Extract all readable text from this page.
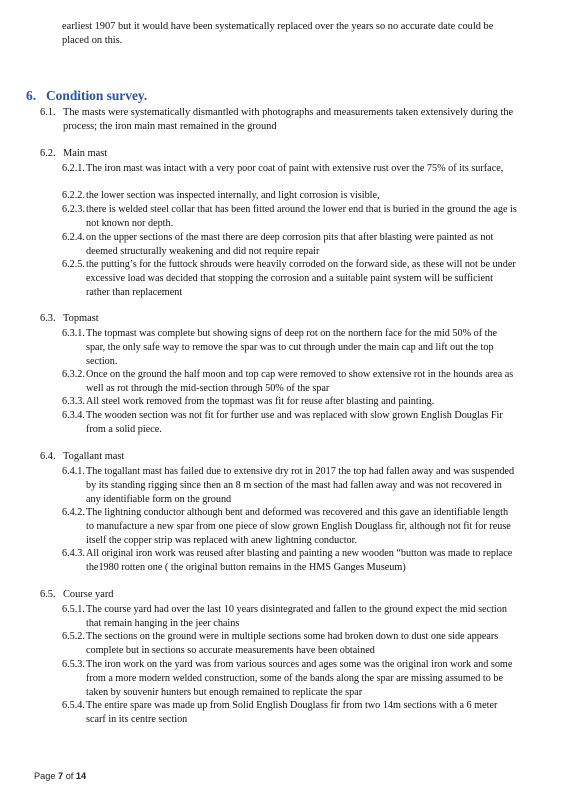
earliest 1907 but it would have been systematically replaced over the years so no accurate date could be placed on this.
6. Condition survey.
6.1. The masts were systematically dismantled with photographs and measurements taken extensively during the process; the iron main mast remained in the ground
6.2. Main mast
6.2.1. The iron mast was intact with a very poor coat of paint with extensive rust over the 75% of its surface,
6.2.2. the lower section was inspected internally, and light corrosion is visible,
6.2.3. there is welded steel collar that has been fitted around the lower end that is buried in the ground the age is not known nor depth.
6.2.4. on the upper sections of the mast there are deep corrosion pits that after blasting were painted as not deemed structurally weakening and did not require repair
6.2.5. the putting’s for the futtock shrouds were heavily corroded on the forward side, as these will not be under excessive load was decided that stopping the corrosion and a suitable paint system will be sufficient rather than replacement
6.3. Topmast
6.3.1. The topmast was complete but showing signs of deep rot on the northern face for the mid 50% of the spar, the only safe way to remove the spar was to cut through under the main cap and lift out the top section.
6.3.2. Once on the ground the half moon and top cap were removed to show extensive rot in the hounds area as well as rot through the mid-section through 50% of the spar
6.3.3. All steel work removed from the topmast was fit for reuse after blasting and painting.
6.3.4. The wooden section was not fit for further use and was replaced with slow grown English Douglas Fir from a solid piece.
6.4. Togallant mast
6.4.1. The togallant mast has failed due to extensive dry rot in 2017 the top had fallen away and was suspended by its standing rigging since then an 8 m section of the mast had fallen away and was not recovered in any identifiable form on the ground
6.4.2. The lightning conductor although bent and deformed was recovered and this gave an identifiable length to manufacture a new spar from one piece of slow grown English Douglass fir, although not fit for reuse itself the copper strip was replaced with anew lightning conductor.
6.4.3. All original iron work was reused after blasting and painting a new wooden “button was made to replace the1980 rotten one ( the original button remains in the HMS Ganges Museum)
6.5. Course yard
6.5.1. The course yard had over the last 10 years disintegrated and fallen to the ground expect the mid section that remain hanging in the jeer chains
6.5.2. The sections on the ground were in multiple sections some had broken down to dust one side appears complete but in sections so accurate measurements have been obtained
6.5.3. The iron work on the yard was from various sources and ages some was the original iron work and some from a more modern welded construction, some of the bands along the spar are missing assumed to be taken by souvenir hunters but enough remained to replicate the spar
6.5.4. The entire spare was made up from Solid English Douglass fir from two 14m sections with a 6 meter scarf in its centre section
Page 7 of 14
